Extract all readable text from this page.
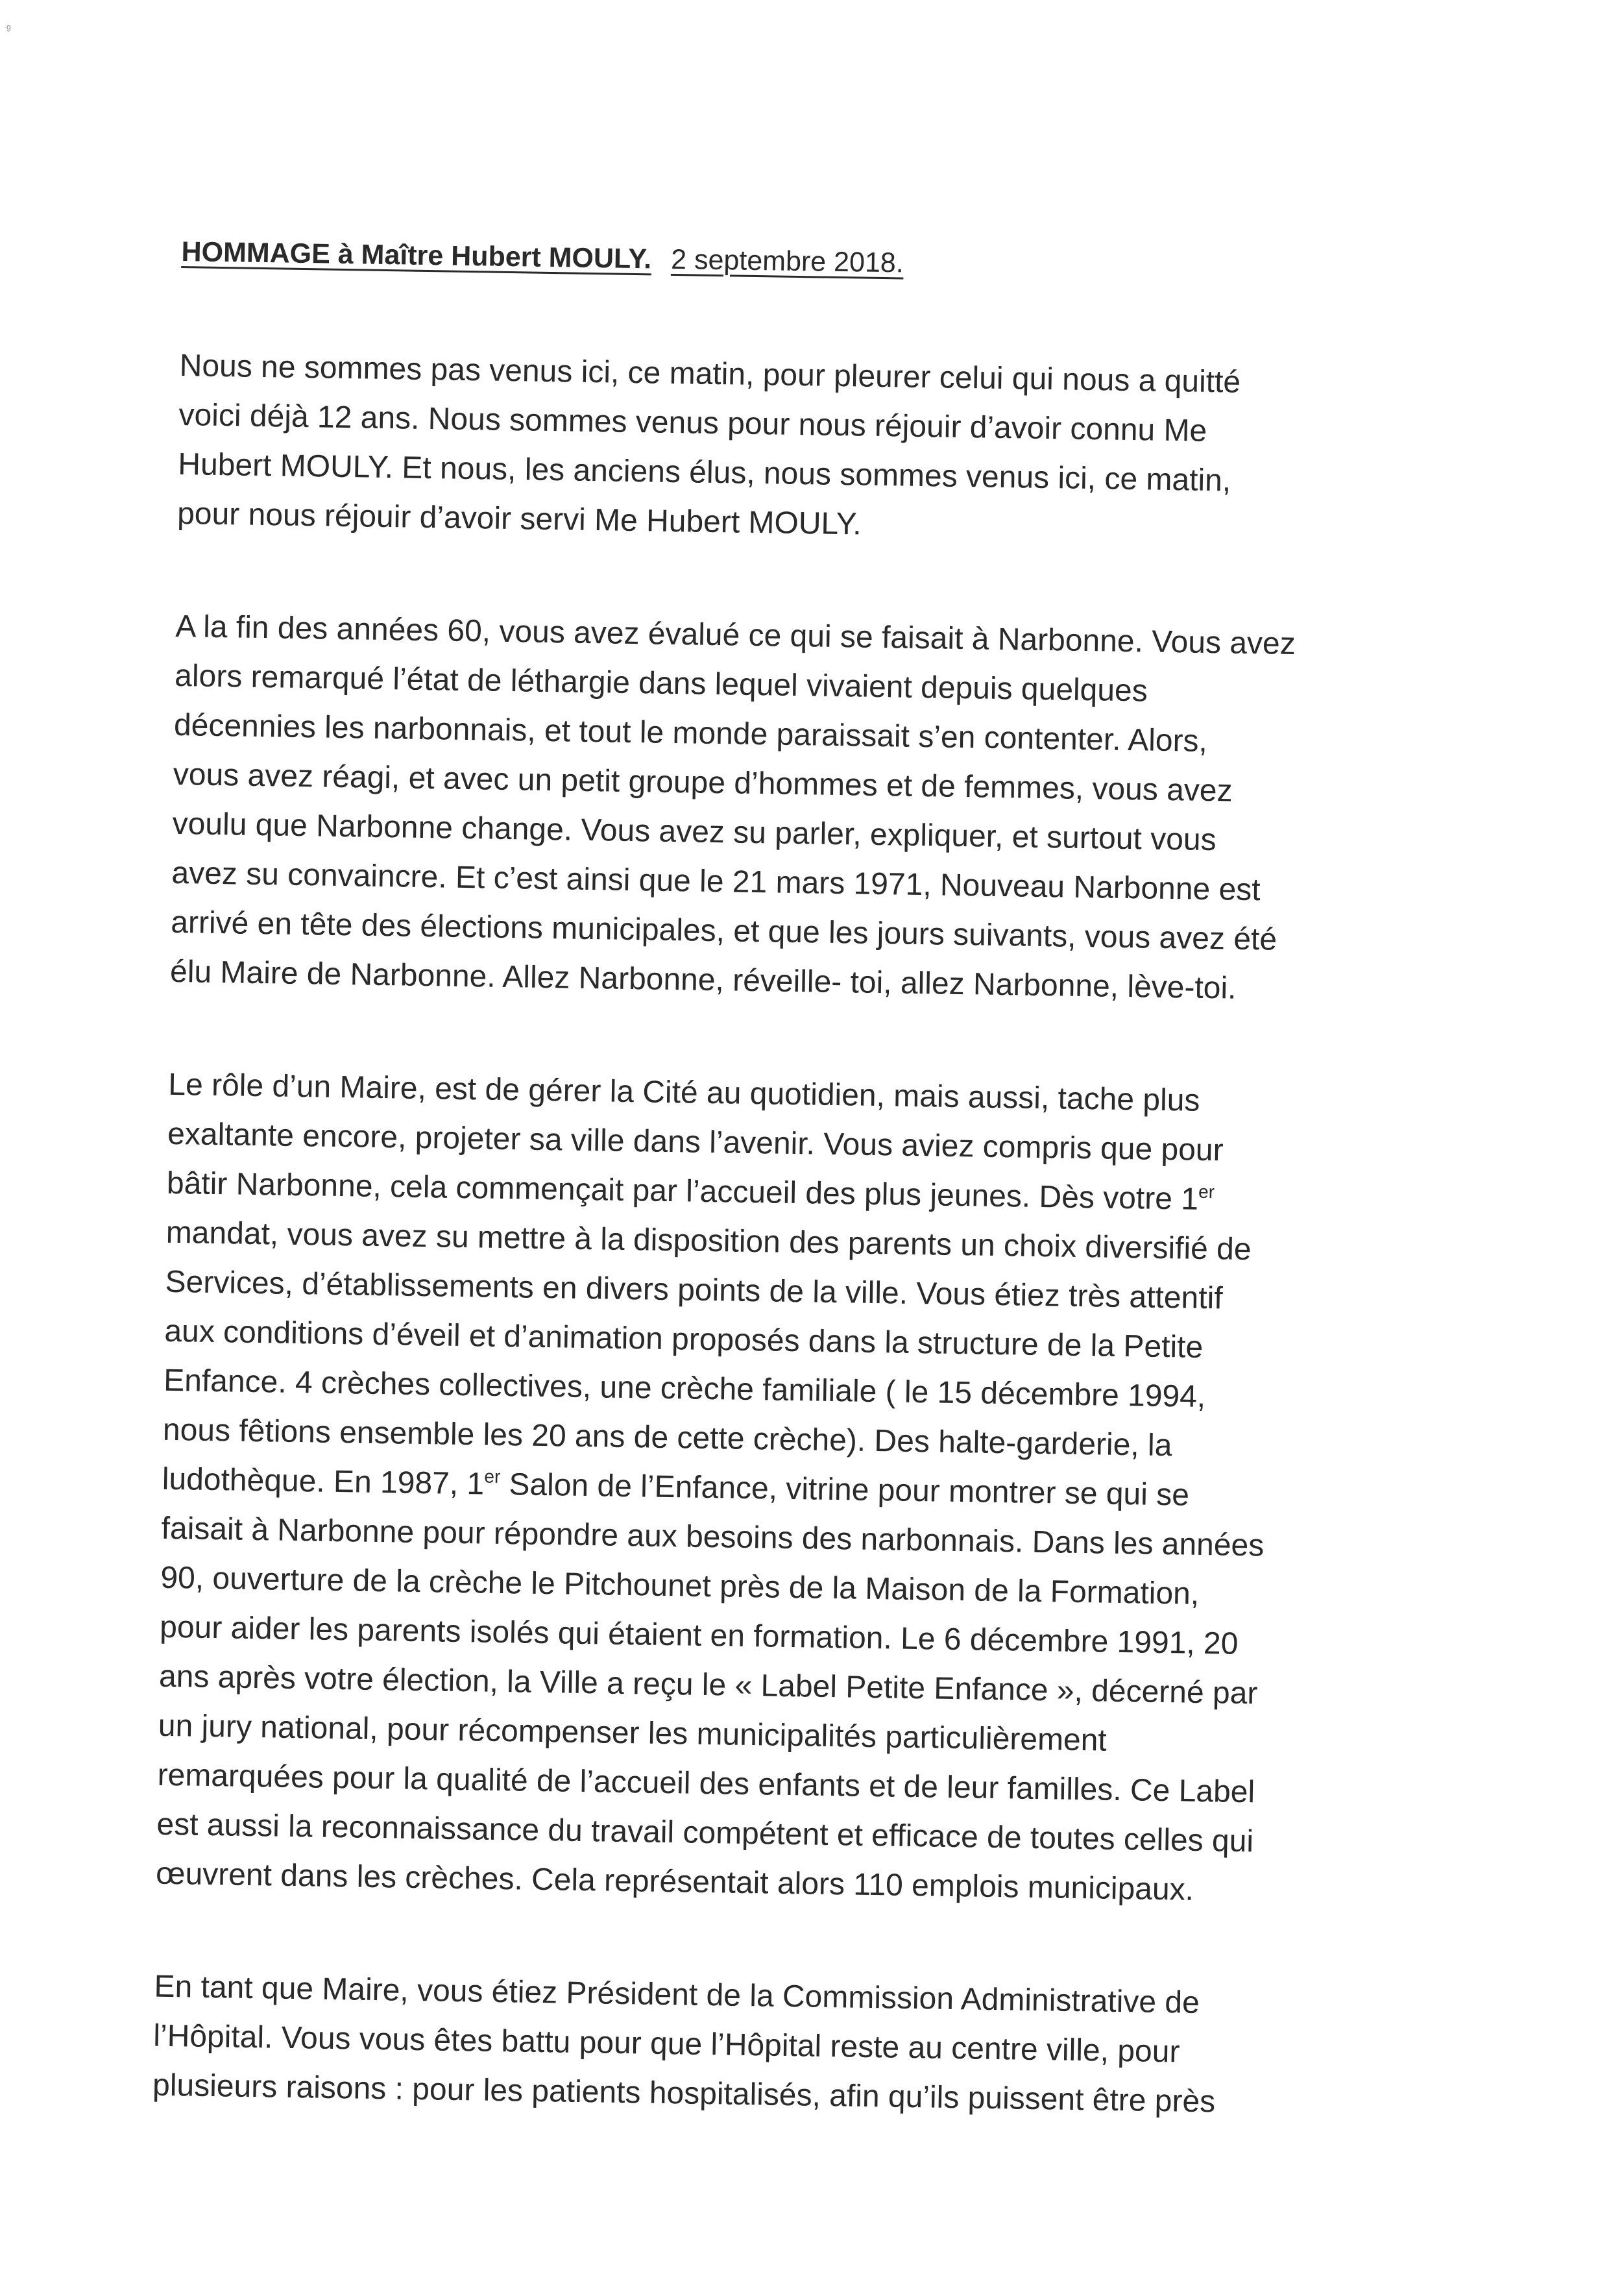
ᵍ
HOMMAGE à Maître Hubert MOULY. 2 septembre 2018.
Nous ne sommes pas venus ici, ce matin, pour pleurer celui qui nous a quitté
voici déjà 12 ans. Nous sommes venus pour nous réjouir d’avoir connu Me
Hubert MOULY. Et nous, les anciens élus, nous sommes venus ici, ce matin,
pour nous réjouir d’avoir servi Me Hubert MOULY.
A la fin des années 60, vous avez évalué ce qui se faisait à Narbonne. Vous avez
alors remarqué l’état de léthargie dans lequel vivaient depuis quelques
décennies les narbonnais, et tout le monde paraissait s’en contenter. Alors,
vous avez réagi, et avec un petit groupe d’hommes et de femmes, vous avez
voulu que Narbonne change. Vous avez su parler, expliquer, et surtout vous
avez su convaincre. Et c’est ainsi que le 21 mars 1971, Nouveau Narbonne est
arrivé en tête des élections municipales, et que les jours suivants, vous avez été
élu Maire de Narbonne. Allez Narbonne, réveille- toi, allez Narbonne, lève-toi.
Le rôle d’un Maire, est de gérer la Cité au quotidien, mais aussi, tache plus
exaltante encore, projeter sa ville dans l’avenir. Vous aviez compris que pour
bâtir Narbonne, cela commençait par l’accueil des plus jeunes. Dès votre 1er
mandat, vous avez su mettre à la disposition des parents un choix diversifié de
Services, d’établissements en divers points de la ville. Vous étiez très attentif
aux conditions d’éveil et d’animation proposés dans la structure de la Petite
Enfance. 4 crèches collectives, une crèche familiale ( le 15 décembre 1994,
nous fêtions ensemble les 20 ans de cette crèche). Des halte-garderie, la
ludothèque. En 1987, 1er Salon de l’Enfance, vitrine pour montrer se qui se
faisait à Narbonne pour répondre aux besoins des narbonnais. Dans les années
90, ouverture de la crèche le Pitchounet près de la Maison de la Formation,
pour aider les parents isolés qui étaient en formation. Le 6 décembre 1991, 20
ans après votre élection, la Ville a reçu le « Label Petite Enfance », décerné par
un jury national, pour récompenser les municipalités particulièrement
remarquées pour la qualité de l’accueil des enfants et de leur familles. Ce Label
est aussi la reconnaissance du travail compétent et efficace de toutes celles qui
œuvrent dans les crèches. Cela représentait alors 110 emplois municipaux.
En tant que Maire, vous étiez Président de la Commission Administrative de
l’Hôpital. Vous vous êtes battu pour que l’Hôpital reste au centre ville, pour
plusieurs raisons : pour les patients hospitalisés, afin qu’ils puissent être près
